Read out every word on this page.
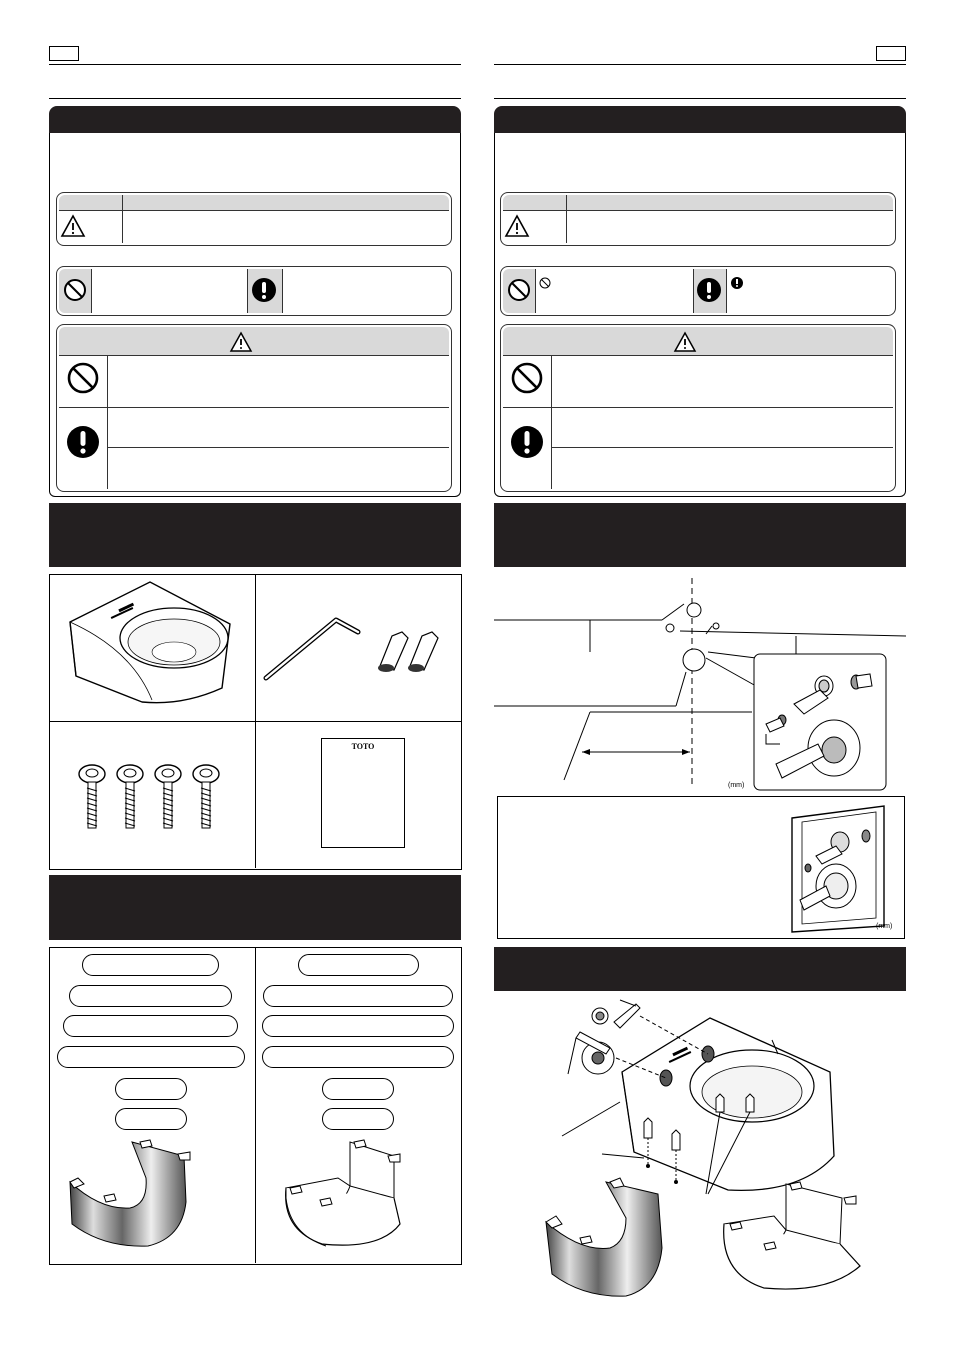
TOTO
(mm)
(mm)
